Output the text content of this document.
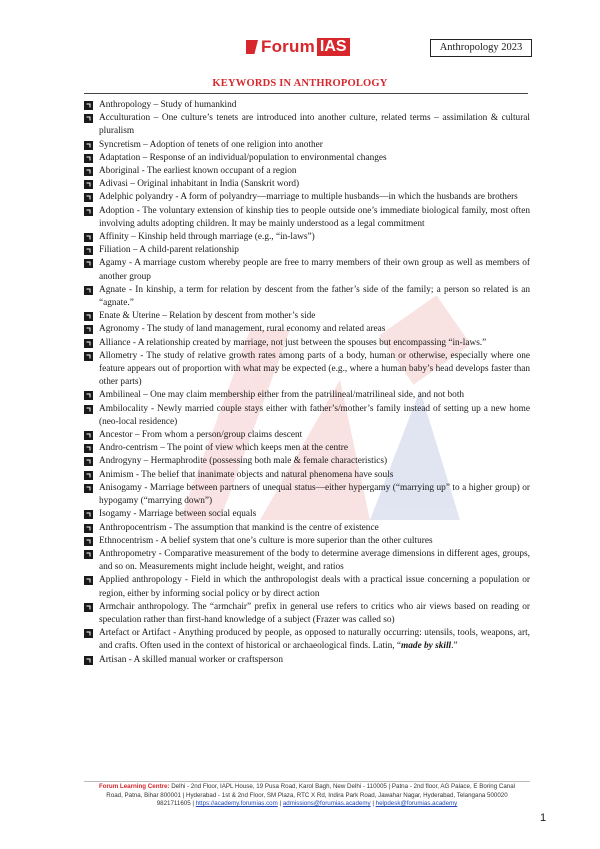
Forum IAS	Anthropology 2023
KEYWORDS IN ANTHROPOLOGY
Anthropology – Study of humankind
Acculturation – One culture’s tenets are introduced into another culture, related terms – assimilation & cultural pluralism
Syncretism – Adoption of tenets of one religion into another
Adaptation – Response of an individual/population to environmental changes
Aboriginal - The earliest known occupant of a region
Adivasi – Original inhabitant in India (Sanskrit word)
Adelphic polyandry - A form of polyandry—marriage to multiple husbands—in which the husbands are brothers
Adoption - The voluntary extension of kinship ties to people outside one’s immediate biological family, most often involving adults adopting children. It may be mainly understood as a legal commitment
Affinity – Kinship held through marriage (e.g., “in-laws”)
Filiation – A child-parent relationship
Agamy - A marriage custom whereby people are free to marry members of their own group as well as members of another group
Agnate - In kinship, a term for relation by descent from the father’s side of the family; a person so related is an “agnate.”
Enate & Uterine – Relation by descent from mother’s side
Agronomy - The study of land management, rural economy and related areas
Alliance - A relationship created by marriage, not just between the spouses but encompassing “in-laws.”
Allometry - The study of relative growth rates among parts of a body, human or otherwise, especially where one feature appears out of proportion with what may be expected (e.g., where a human baby’s head develops faster than other parts)
Ambilineal – One may claim membership either from the patrilineal/matrilineal side, and not both
Ambilocality - Newly married couple stays either with father’s/mother’s family instead of setting up a new home (neo-local residence)
Ancestor – From whom a person/group claims descent
Andro-centrism – The point of view which keeps men at the centre
Androgyny – Hermaphrodite (possessing both male & female characteristics)
Animism - The belief that inanimate objects and natural phenomena have souls
Anisogamy - Marriage between partners of unequal status—either hypergamy (“marrying up” to a higher group) or hypogamy (“marrying down”)
Isogamy - Marriage between social equals
Anthropocentrism - The assumption that mankind is the centre of existence
Ethnocentrism - A belief system that one’s culture is more superior than the other cultures
Anthropometry - Comparative measurement of the body to determine average dimensions in different ages, groups, and so on. Measurements might include height, weight, and ratios
Applied anthropology - Field in which the anthropologist deals with a practical issue concerning a population or region, either by informing social policy or by direct action
Armchair anthropology. The “armchair” prefix in general use refers to critics who air views based on reading or speculation rather than first-hand knowledge of a subject (Frazer was called so)
Artefact or Artifact - Anything produced by people, as opposed to naturally occurring: utensils, tools, weapons, art, and crafts. Often used in the context of historical or archaeological finds. Latin, “made by skill.”
Artisan - A skilled manual worker or craftsperson
Forum Learning Centre: Delhi - 2nd Floor, IAPL House, 19 Pusa Road, Karol Bagh, New Delhi - 110005 | Patna - 2nd floor, AG Palace, E Boring Canal
Road, Patna, Bihar 800001 | Hyderabad - 1st & 2nd Floor, SM Plaza, RTC X Rd, Indira Park Road, Jawahar Nagar, Hyderabad, Telangana 500020
9821711605 | https://academy.forumias.com | admissions@forumias.academy | helpdesk@forumias.academy
1
